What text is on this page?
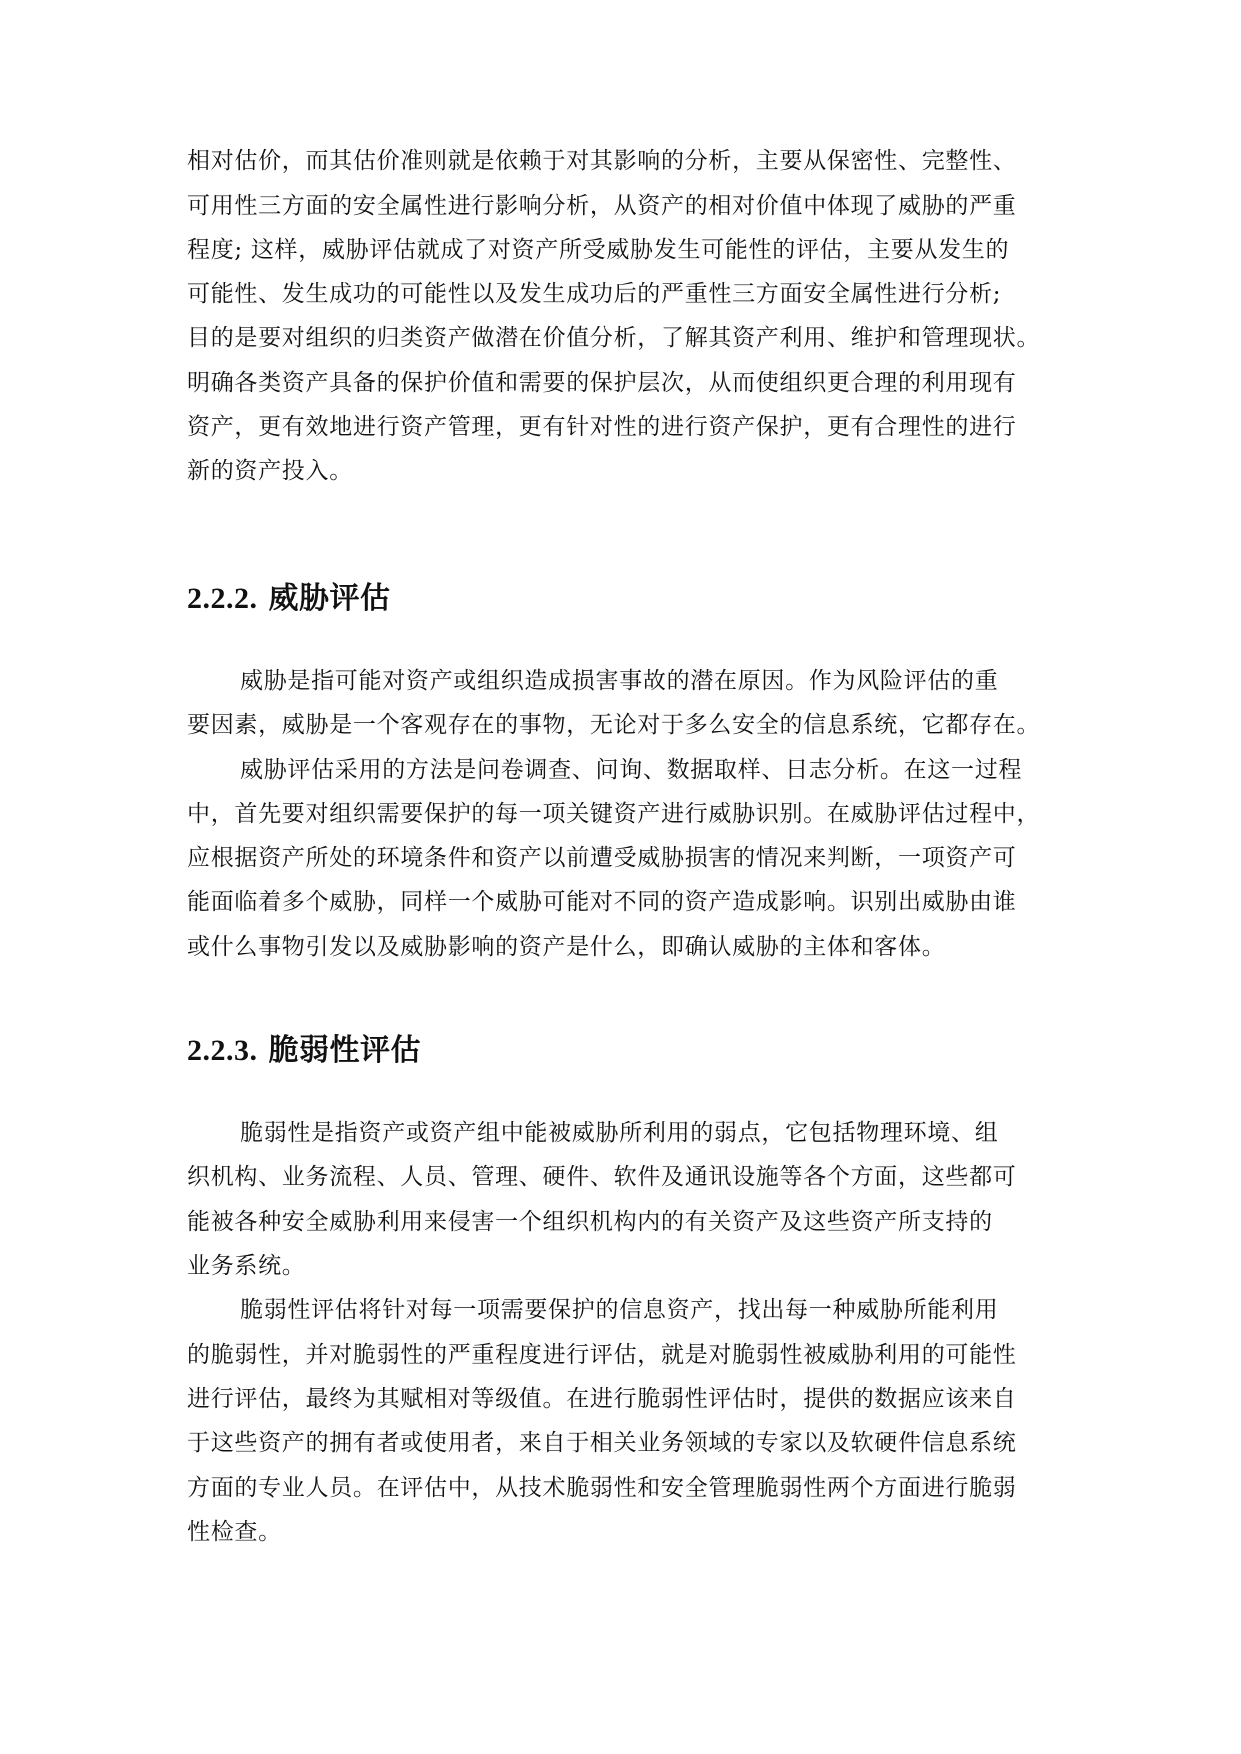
相对估价，而其估价准则就是依赖于对其影响的分析，主要从保密性、完整性、
可用性三方面的安全属性进行影响分析，从资产的相对价值中体现了威胁的严重
程度; 这样，威胁评估就成了对资产所受威胁发生可能性的评估，主要从发生的
可能性、发生成功的可能性以及发生成功后的严重性三方面安全属性进行分析;
目的是要对组织的归类资产做潜在价值分析，了解其资产利用、维护和管理现状。
明确各类资产具备的保护价值和需要的保护层次，从而使组织更合理的利用现有
资产，更有效地进行资产管理，更有针对性的进行资产保护，更有合理性的进行
新的资产投入。
2.2.2. 威胁评估
威胁是指可能对资产或组织造成损害事故的潜在原因。作为风险评估的重
要因素，威胁是一个客观存在的事物，无论对于多么安全的信息系统，它都存在。
威胁评估采用的方法是问卷调查、问询、数据取样、日志分析。在这一过程
中，首先要对组织需要保护的每一项关键资产进行威胁识别。在威胁评估过程中，
应根据资产所处的环境条件和资产以前遭受威胁损害的情况来判断，一项资产可
能面临着多个威胁，同样一个威胁可能对不同的资产造成影响。识别出威胁由谁
或什么事物引发以及威胁影响的资产是什么，即确认威胁的主体和客体。
2.2.3. 脆弱性评估
脆弱性是指资产或资产组中能被威胁所利用的弱点，它包括物理环境、组
织机构、业务流程、人员、管理、硬件、软件及通讯设施等各个方面，这些都可
能被各种安全威胁利用来侵害一个组织机构内的有关资产及这些资产所支持的
业务系统。
脆弱性评估将针对每一项需要保护的信息资产，找出每一种威胁所能利用
的脆弱性，并对脆弱性的严重程度进行评估，就是对脆弱性被威胁利用的可能性
进行评估，最终为其赋相对等级值。在进行脆弱性评估时，提供的数据应该来自
于这些资产的拥有者或使用者，来自于相关业务领域的专家以及软硬件信息系统
方面的专业人员。在评估中，从技术脆弱性和安全管理脆弱性两个方面进行脆弱
性检查。
